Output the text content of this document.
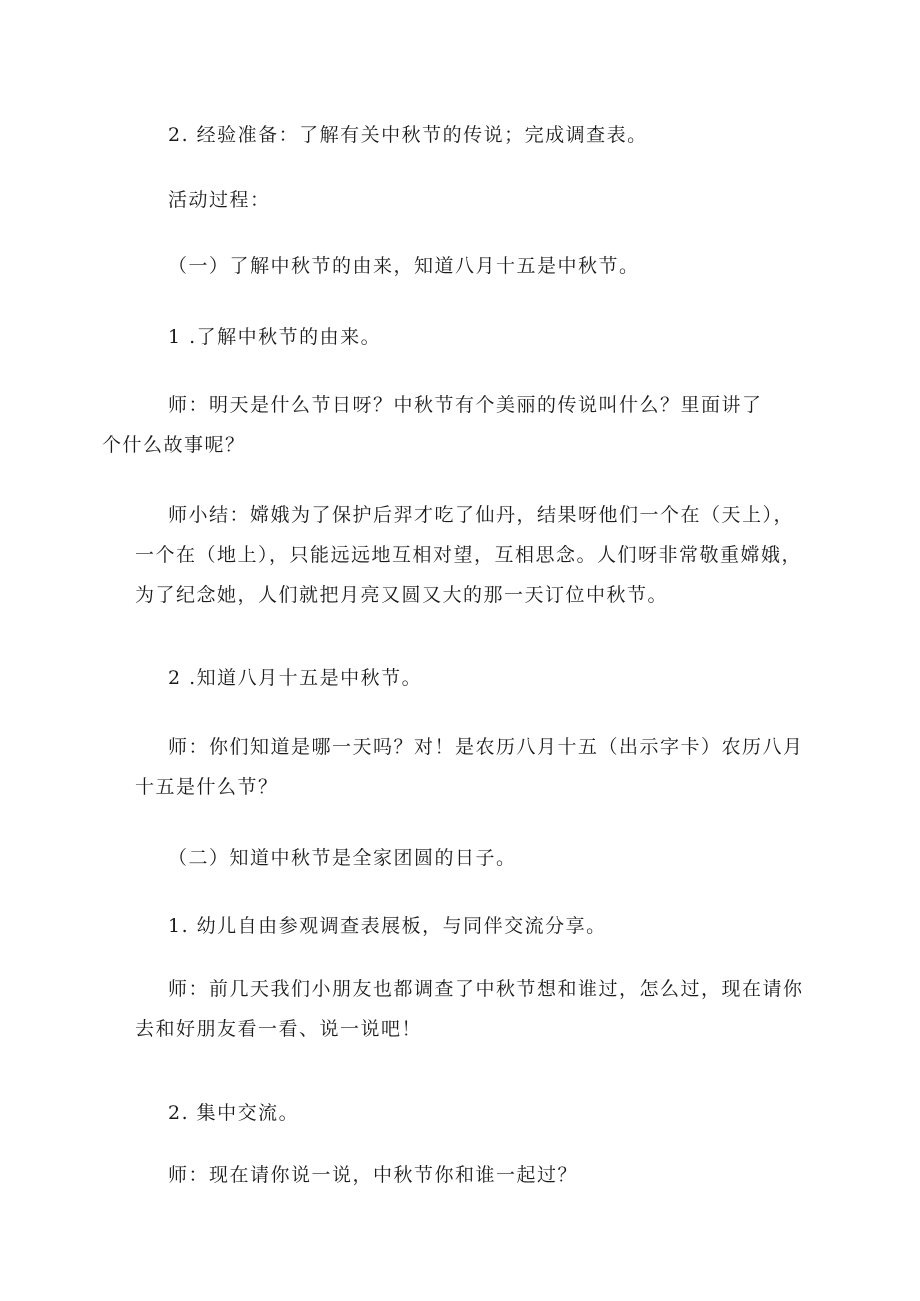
2. 经验准备：了解有关中秋节的传说；完成调查表。

活动过程：

（一）了解中秋节的由来，知道八月十五是中秋节。

1 .了解中秋节的由来。

师：明天是什么节日呀？中秋节有个美丽的传说叫什么？里面讲了
个什么故事呢？

师小结：嫦娥为了保护后羿才吃了仙丹，结果呀他们一个在（天上），
一个在（地上），只能远远地互相对望，互相思念。人们呀非常敬重嫦娥，
为了纪念她，人们就把月亮又圆又大的那一天订位中秋节。

2 .知道八月十五是中秋节。

师：你们知道是哪一天吗？对！是农历八月十五（出示字卡）农历八月
十五是什么节？

（二）知道中秋节是全家团圆的日子。

1. 幼儿自由参观调查表展板，与同伴交流分享。

师：前几天我们小朋友也都调查了中秋节想和谁过，怎么过，现在请你
去和好朋友看一看、说一说吧！

2. 集中交流。

师：现在请你说一说，中秋节你和谁一起过？
